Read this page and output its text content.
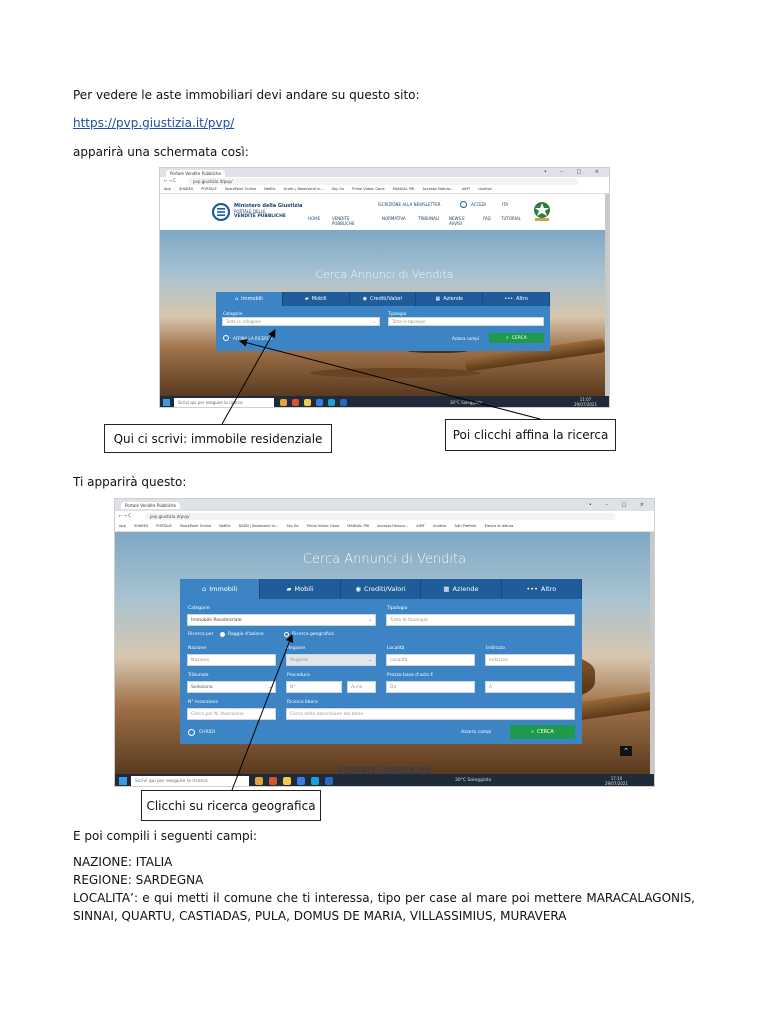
Per vedere le aste immobiliari devi andare su questo sito:
https://pvp.giustizia.it/pvp/
apparirà una schermata così:
Portale Vendite Pubbliche	• – □ ×
← → C	pvp.giustizia.it/pvp/
App SHARES PORTALE SharePoint Online Netflix Grafic | Baloeventi in... Sky Go Prime Video: Gene MANUAL PRI Accesso Fattura... AIMT ntuitive
Ministero della Giustizia
PORTALE DELLE
VENDITE PUBBLICHE
ISCRIZIONE ALLA NEWSLETTER	ACCEDI	ITA
HOME	VENDITE PUBBLICHE
NORMATIVA	TRIBUNALI NEWS E AVVISI
FAQ	TUTORIAL
Cerca Annunci di Vendita
⌂ Immobili	▰ Mobili	◉ Crediti/Valori	▦ Aziende	••• Altro
Categorie
Tutte le categorie	⌄
Tipologia
Tutte le tipologie
AFFINA LA RICERCA	Azzera campi	⌕ CERCA
Scrivi qui per eseguire la ricerca	30°C Soleggiato
11:07
29/07/2021
Qui ci scrivi: immobile residenziale	Poi clicchi affina la ricerca
Ti apparirà questo:
Portale Vendite Pubbliche	• – □ ×
← → C	pvp.giustizia.it/pvp/
App SHARES PORTALE SharePoint Online Netflix DAZN | Baloeventi in... Sky Go Prime Video: Gene MANUAL PRI Accesso Fattura... AIMT ntuitive Altri Preferiti Elenco di lettura
Cerca Annunci di Vendita
⌃
VENDITE PUBBLICHE
⌂ Immobili	▰ Mobili	◉ Crediti/Valori	▦ Aziende	••• Altro
Categorie
Immobile Residenziale	⌄
Tipologia
Tutte le tipologie
Ricerca per	Raggio d'azione	Ricerca geografica
Nazione
Nazione
Regione
Regione	⌄
Località
Località
Indirizzo
Indirizzo
Tribunale
Seleziona	⌄
Procedura
N°	Anno
Prezzo base d'asta €
Da	A
N° Inserzione
Cerca per N. Inserzione
Ricerca libera
Cerca nella descrizione del bene
CHIUDI	Azzera campi	⌕ CERCA
Scrivi qui per eseguire la ricerca	30°C Soleggiato	17:10
29/07/2021
Clicchi su ricerca geografica
E poi compili i seguenti campi:
NAZIONE: ITALIA
REGIONE: SARDEGNA
LOCALITA’: e qui metti il comune che ti interessa, tipo per case al mare poi mettere MARACALAGONIS, SINNAI, QUARTU, CASTIADAS, PULA, DOMUS DE MARIA, VILLASSIMIUS, MURAVERA
